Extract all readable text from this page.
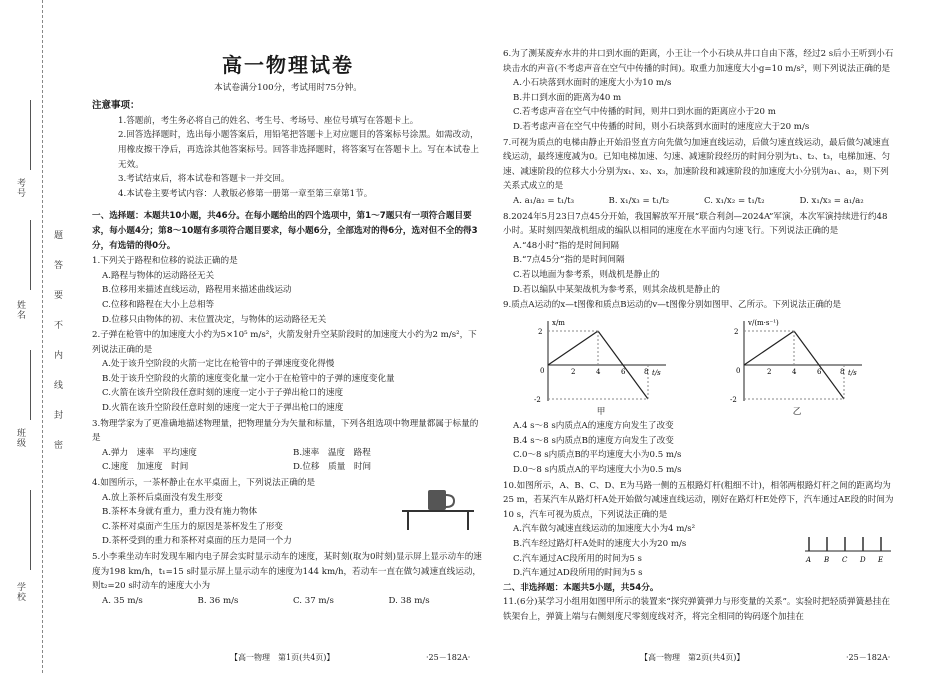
考号
姓名
班级
学校
题
答
要
不
内
线
封
密
高一物理试卷
本试卷满分100分，考试用时75分钟。
注意事项：
1.答题前，考生务必将自己的姓名、考生号、考场号、座位号填写在答题卡上。
2.回答选择题时，选出每小题答案后，用铅笔把答题卡上对应题目的答案标号涂黑。如需改动，用橡皮擦干净后，再选涂其他答案标号。回答非选择题时，将答案写在答题卡上。写在本试卷上无效。
3.考试结束后，将本试卷和答题卡一并交回。
4.本试卷主要考试内容：人教版必修第一册第一章至第三章第1节。
一、选择题：本题共10小题，共46分。在每小题给出的四个选项中，第1～7题只有一项符合题目要求，每小题4分；第8～10题有多项符合题目要求，每小题6分，全部选对的得6分，选对但不全的得3分，有选错的得0分。
1.下列关于路程和位移的说法正确的是
A.路程与物体的运动路径无关
B.位移用来描述直线运动，路程用来描述曲线运动
C.位移和路程在大小上总相等
D.位移只由物体的初、末位置决定，与物体的运动路径无关
2.子弹在枪管中的加速度大小约为5×10⁵ m/s²，火箭发射升空某阶段时的加速度大小约为2 m/s²，下列说法正确的是
A.处于该升空阶段的火箭一定比在枪管中的子弹速度变化得慢
B.处于该升空阶段的火箭的速度变化量一定小于在枪管中的子弹的速度变化量
C.火箭在该升空阶段任意时刻的速度一定小于子弹出枪口的速度
D.火箭在该升空阶段任意时刻的速度一定大于子弹出枪口的速度
3.物理学家为了更准确地描述物理量，把物理量分为矢量和标量，下列各组选项中物理量都属于标量的是
A.弹力　速率　平均速度	B.速率　温度　路程
C.速度　加速度　时间	D.位移　质量　时间
4.如图所示，一茶杯静止在水平桌面上，下列说法正确的是
A.放上茶杯后桌面没有发生形变
B.茶杯本身就有重力，重力没有施力物体
C.茶杯对桌面产生压力的原因是茶杯发生了形变
D.茶杯受到的重力和茶杯对桌面的压力是同一个力
5.小李乘坐动车时发现车厢内电子屏会实时显示动车的速度，某时刻(取为0时刻)显示屏上显示动车的速度为198 km/h，t₁=15 s时显示屏上显示动车的速度为144 km/h，若动车一直在做匀减速直线运动，则t₂=20 s时动车的速度大小为
A. 35 m/s	B. 36 m/s	C. 37 m/s	D. 38 m/s
6.为了测某废弃水井的井口到水面的距离，小王让一个小石块从井口自由下落，经过2 s后小王听到小石块击水的声音(不考虑声音在空气中传播的时间)。取重力加速度大小g=10 m/s²，则下列说法正确的是
A.小石块落到水面时的速度大小为10 m/s
B.井口到水面的距离为40 m
C.若考虑声音在空气中传播的时间，则井口到水面的距离应小于20 m
D.若考虑声音在空气中传播的时间，则小石块落到水面时的速度应大于20 m/s
7.可视为质点的电梯由静止开始沿竖直方向先做匀加速直线运动，后做匀速直线运动，最后做匀减速直线运动，最终速度减为0。已知电梯加速、匀速、减速阶段经历的时间分别为t₁、t₂、t₃，电梯加速、匀速、减速阶段的位移大小分别为x₁、x₂、x₃，加速阶段和减速阶段的加速度大小分别为a₁、a₂，则下列关系式成立的是
A. a₁/a₂ = t₁/t₃	B. x₁/x₃ = t₁/t₂	C. x₁/x₂ = t₁/t₂	D. x₁/x₃ = a₁/a₂
8.2024年5月23日7点45分开始，我国解放军开展“联合利剑—2024A”军演，本次军演持续进行约48小时。某时刻四架战机组成的编队以相同的速度在水平面内匀速飞行。下列说法正确的是
A.“48小时”指的是时间间隔
B.“7点45分”指的是时间间隔
C.若以地面为参考系，则战机是静止的
D.若以编队中某架战机为参考系，则其余战机是静止的
9.质点A运动的x—t图像和质点B运动的v—t图像分别如图甲、乙所示。下列说法正确的是
x/m
t/s
2
-2
0	2	4	6	8
v/(m·s⁻¹)
t/s
2
-2
0	2	4	6	8
甲	乙
A.4 s～8 s内质点A的速度方向发生了改变
B.4 s～8 s内质点B的速度方向发生了改变
C.0～8 s内质点B的平均速度大小为0.5 m/s
D.0～8 s内质点A的平均速度大小为0.5 m/s
10.如图所示，A、B、C、D、E为马路一侧的五根路灯杆(粗细不计)，相邻两根路灯杆之间的距离均为25 m，若某汽车从路灯杆A处开始做匀减速直线运动，刚好在路灯杆E处停下，汽车通过AE段的时间为10 s，汽车可视为质点，下列说法正确的是
A.汽车做匀减速直线运动的加速度大小为4 m/s²
B.汽车经过路灯杆A处时的速度大小为20 m/s
C.汽车通过AC段所用的时间为5 s
D.汽车通过AD段所用的时间为5 s
A B C D E
二、非选择题：本题共5小题，共54分。
11.(6分)某学习小组用如图甲所示的装置来“探究弹簧弹力与形变量的关系”。实验时把轻质弹簧悬挂在铁架台上，弹簧上端与右侧刻度尺零刻度线对齐，将完全相同的钩码逐个加挂在
【高一物理　第1页(共4页)】	·25－182A·	【高一物理　第2页(共4页)】	·25－182A·
